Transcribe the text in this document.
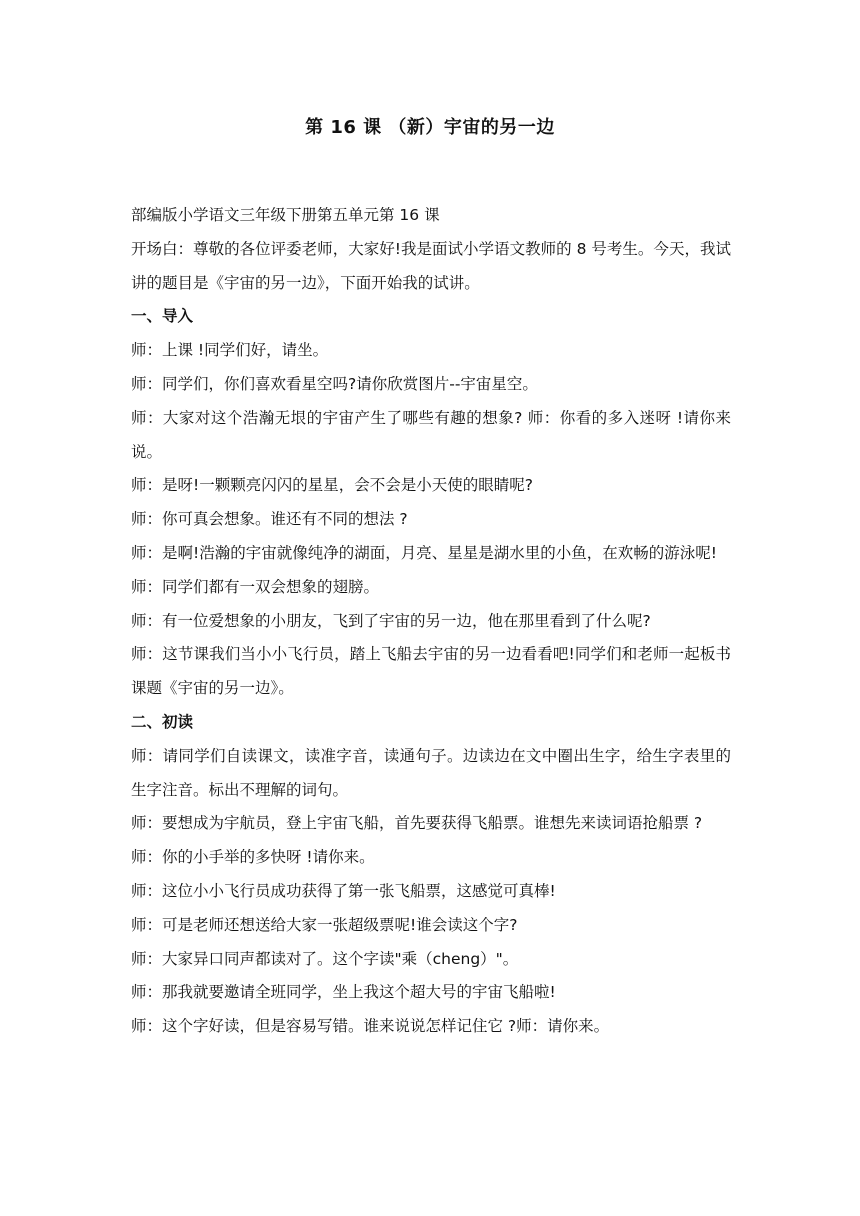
第 16 课 （新）宇宙的另一边

部编版小学语文三年级下册第五单元第 16 课

开场白：尊敬的各位评委老师，大家好!我是面试小学语文教师的 8 号考生。今天，我试讲的题目是《宇宙的另一边》，下面开始我的试讲。

一、导入

师：上课 !同学们好，请坐。

师：同学们，你们喜欢看星空吗?请你欣赏图片--宇宙星空。

师：大家对这个浩瀚无垠的宇宙产生了哪些有趣的想象? 师：你看的多入迷呀 !请你来说。

师：是呀!一颗颗亮闪闪的星星，会不会是小天使的眼睛呢?

师：你可真会想象。谁还有不同的想法 ?

师：是啊!浩瀚的宇宙就像纯净的湖面，月亮、星星是湖水里的小鱼，在欢畅的游泳呢!

师：同学们都有一双会想象的翅膀。

师：有一位爱想象的小朋友，飞到了宇宙的另一边，他在那里看到了什么呢?

师：这节课我们当小小飞行员，踏上飞船去宇宙的另一边看看吧!同学们和老师一起板书课题《宇宙的另一边》。

二、初读

师：请同学们自读课文，读准字音，读通句子。边读边在文中圈出生字，给生字表里的生字注音。标出不理解的词句。

师：要想成为宇航员，登上宇宙飞船，首先要获得飞船票。谁想先来读词语抢船票 ?

师：你的小手举的多快呀 !请你来。

师：这位小小飞行员成功获得了第一张飞船票，这感觉可真棒!

师：可是老师还想送给大家一张超级票呢!谁会读这个字?

师：大家异口同声都读对了。这个字读"乘（cheng）"。

师：那我就要邀请全班同学，坐上我这个超大号的宇宙飞船啦!

师：这个字好读，但是容易写错。谁来说说怎样记住它 ?师：请你来。
